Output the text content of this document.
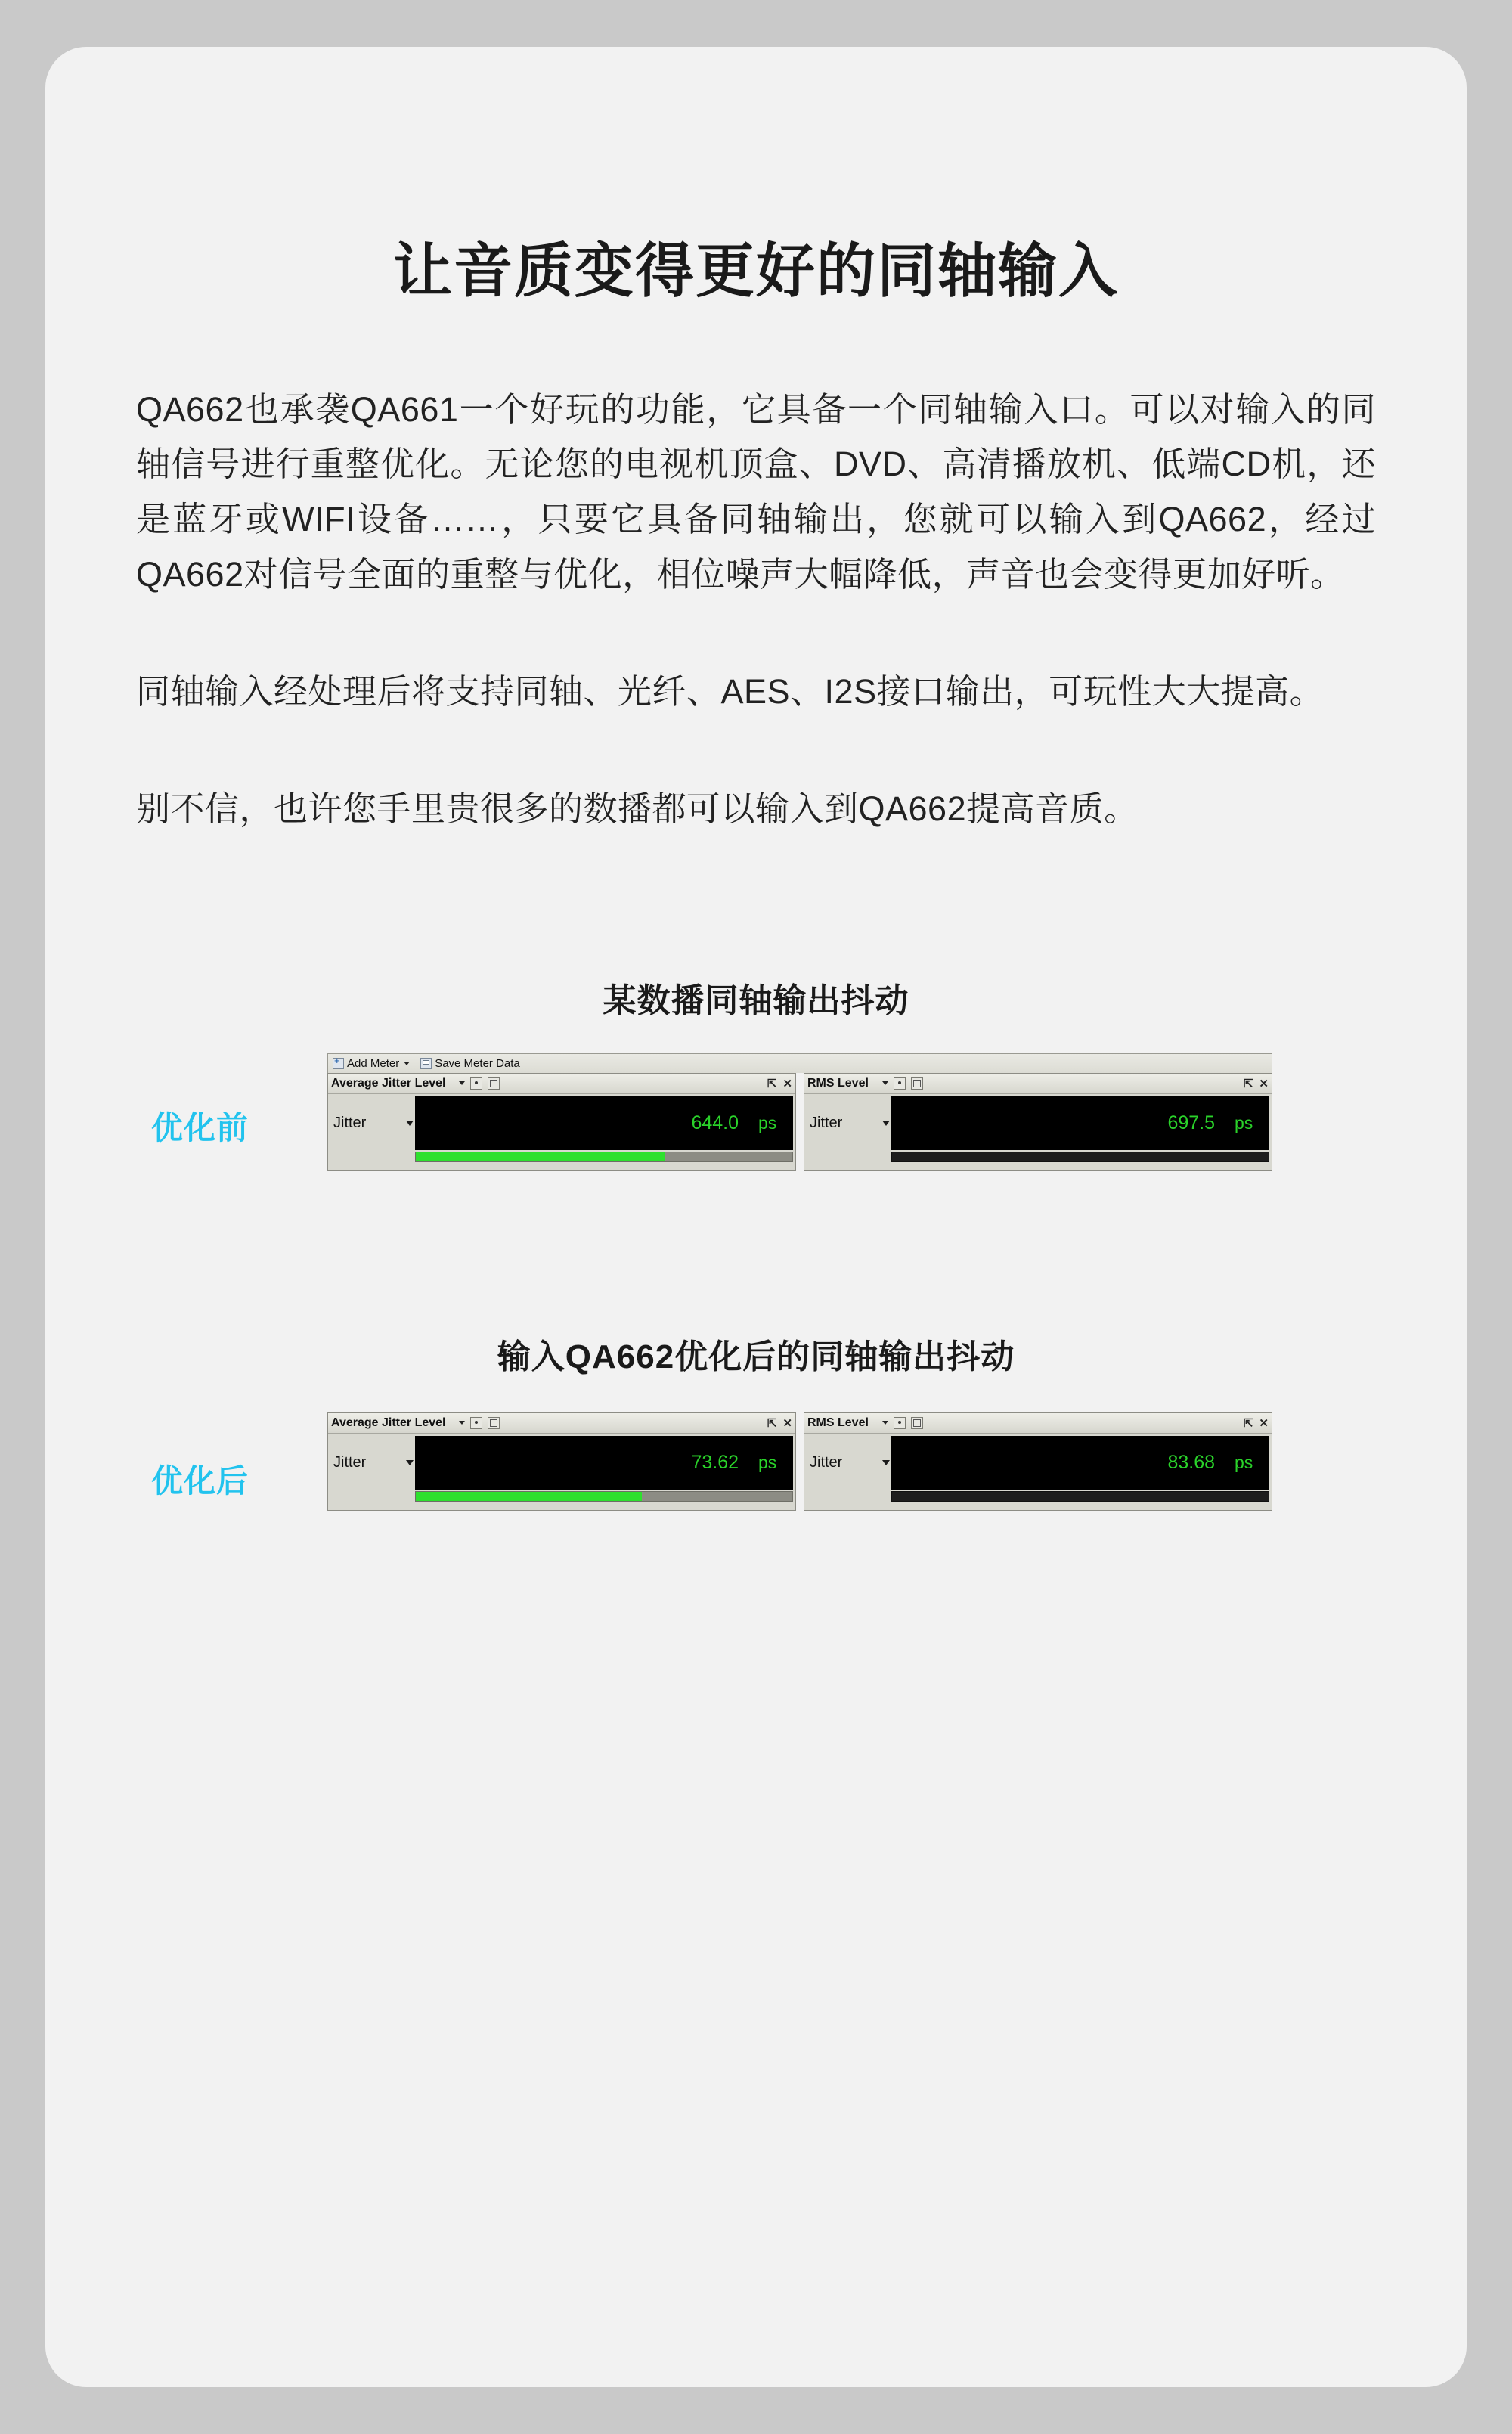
让音质变得更好的同轴输入

QA662也承袭QA661一个好玩的功能，它具备一个同轴输入口。可以对输入的同轴信号进行重整优化。无论您的电视机顶盒、DVD、高清播放机、低端CD机，还是蓝牙或WIFI设备……，只要它具备同轴输出，您就可以输入到QA662，经过QA662对信号全面的重整与优化，相位噪声大幅降低，声音也会变得更加好听。

同轴输入经处理后将支持同轴、光纤、AES、I2S接口输出，可玩性大大提高。

别不信，也许您手里贵很多的数播都可以输入到QA662提高音质。

某数播同轴输出抖动
优化前
+
Add Meter	Save Meter Data
Average Jitter Level	⇱ ✕
Jitter	644.0 ps
RMS Level	⇱ ✕
Jitter	697.5 ps
输入QA662优化后的同轴输出抖动
优化后
Average Jitter Level	⇱ ✕
Jitter	73.62 ps
RMS Level	⇱ ✕
Jitter	83.68 ps
